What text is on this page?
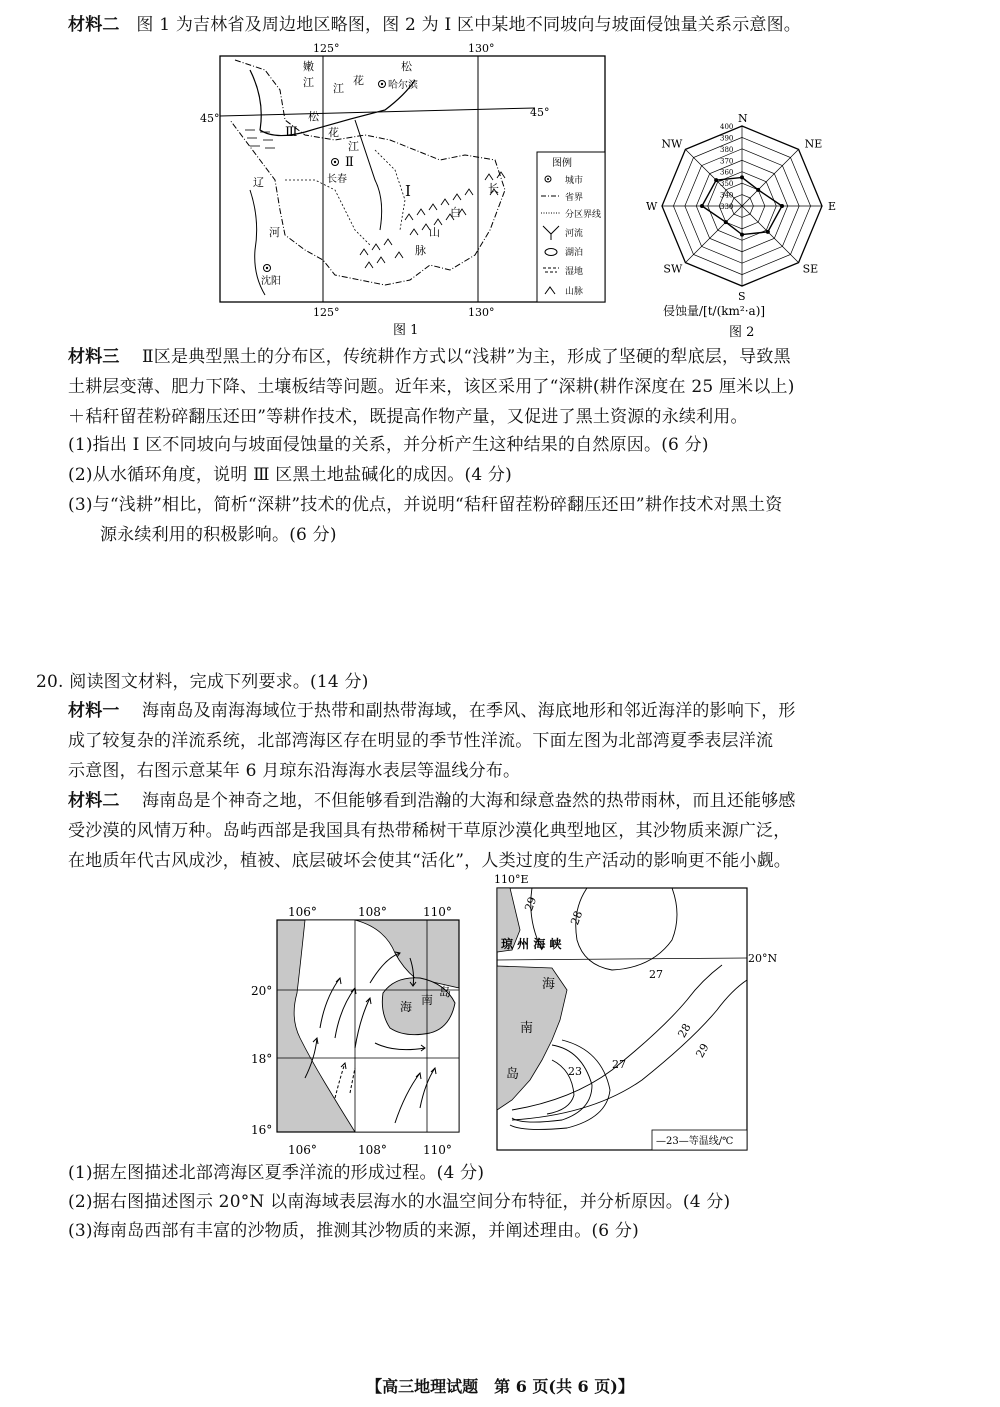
材料二 图 1 为吉林省及周边地区略图，图 2 为 Ⅰ 区中某地不同坡向与坡面侵蚀量关系示意图。
125°	130°
45°	45°
嫩
江 江
花
松
哈尔滨
松
花
江
Ⅲ
Ⅱ
Ⅰ
长春
辽
河
沈阳
山
脉
白
长
图例
城市
省界
分区界线
河流
湖泊
湿地
山脉
125°	130°
图 1
400
390
380
370
360
350
340
330
N
NE
E
SE
S
SW
W
NW
侵蚀量/[t/(km²·a)]
图 2
材料三 Ⅱ区是典型黑土的分布区，传统耕作方式以“浅耕”为主，形成了坚硬的犁底层，导致黑
土耕层变薄、肥力下降、土壤板结等问题。近年来，该区采用了“深耕(耕作深度在 25 厘米以上)
＋秸秆留茬粉碎翻压还田”等耕作技术，既提高作物产量，又促进了黑土资源的永续利用。
(1)指出 Ⅰ 区不同坡向与坡面侵蚀量的关系，并分析产生这种结果的自然原因。(6 分)
(2)从水循环角度，说明 Ⅲ 区黑土地盐碱化的成因。(4 分)
(3)与“浅耕”相比，简析“深耕”技术的优点，并说明“秸秆留茬粉碎翻压还田”耕作技术对黑土资
源永续利用的积极影响。(6 分)
20. 阅读图文材料，完成下列要求。(14 分)
材料一 海南岛及南海海域位于热带和副热带海域，在季风、海底地形和邻近海洋的影响下，形
成了较复杂的洋流系统，北部湾海区存在明显的季节性洋流。下面左图为北部湾夏季表层洋流
示意图，右图示意某年 6 月琼东沿海海水表层等温线分布。
材料二 海南岛是个神奇之地，不但能够看到浩瀚的大海和绿意盎然的热带雨林，而且还能够感
受沙漠的风情万种。岛屿西部是我国具有热带稀树干草原沙漠化典型地区，其沙物质来源广泛，
在地质年代古风成沙，植被、底层破坏会使其“活化”，人类过度的生产活动的影响更不能小觑。
106°	108°	110°
海 南
岛
20°
18°
16°
106°	108°	110°
110°E
20°N
29
28
27
27
23
28
29
琼 州 海 峡
海
南
岛
—23—等温线/℃
(1)据左图描述北部湾海区夏季洋流的形成过程。(4 分)
(2)据右图描述图示 20°N 以南海域表层海水的水温空间分布特征，并分析原因。(4 分)
(3)海南岛西部有丰富的沙物质，推测其沙物质的来源，并阐述理由。(6 分)
【高三地理试题　第 6 页(共 6 页)】
